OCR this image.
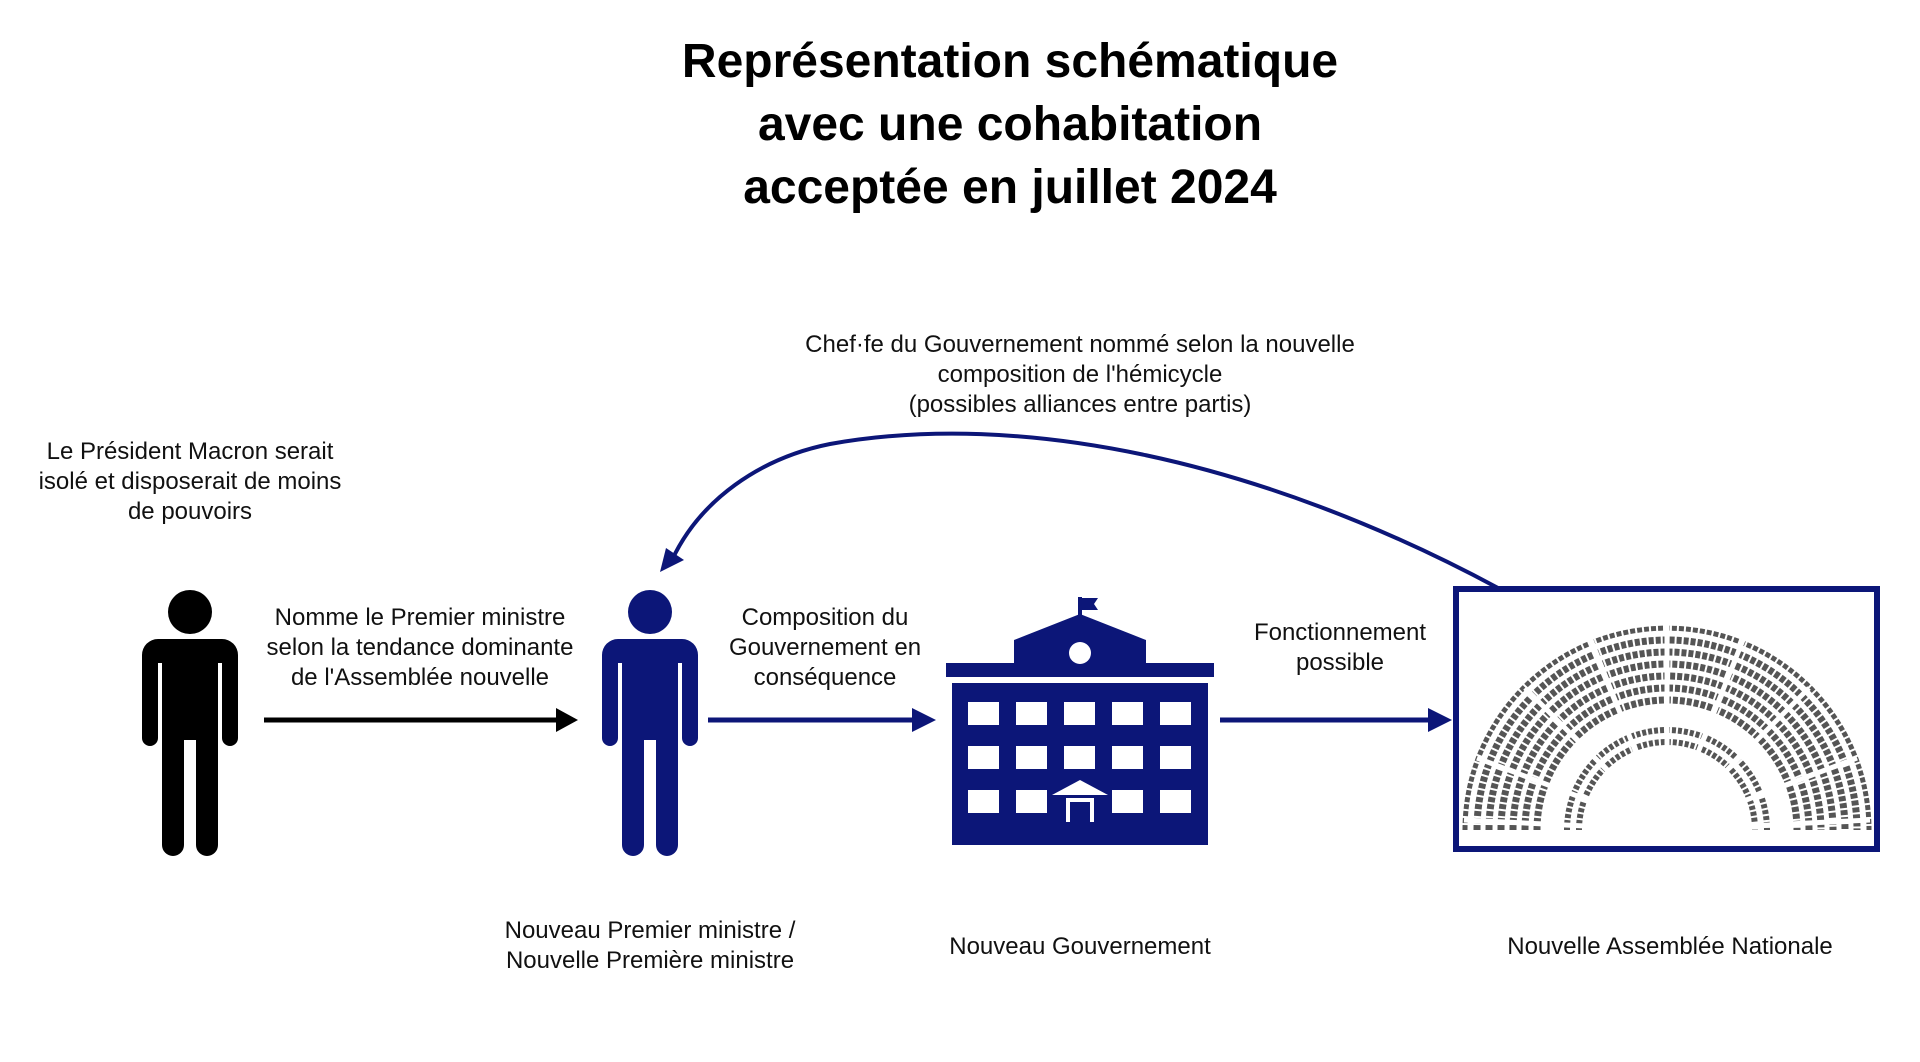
Représentation schématique
avec une cohabitation
acceptée en juillet 2024
Le Président Macron serait
isolé et disposerait de moins
de pouvoirs
Chef·fe du Gouvernement nommé selon la nouvelle
composition de l'hémicycle
(possibles alliances entre partis)
Nomme le Premier ministre
selon la tendance dominante
de l'Assemblée nouvelle
Composition du
Gouvernement en
conséquence
Fonctionnement
possible
Nouveau Premier ministre /
Nouvelle Première ministre
Nouveau Gouvernement	Nouvelle Assemblée Nationale
